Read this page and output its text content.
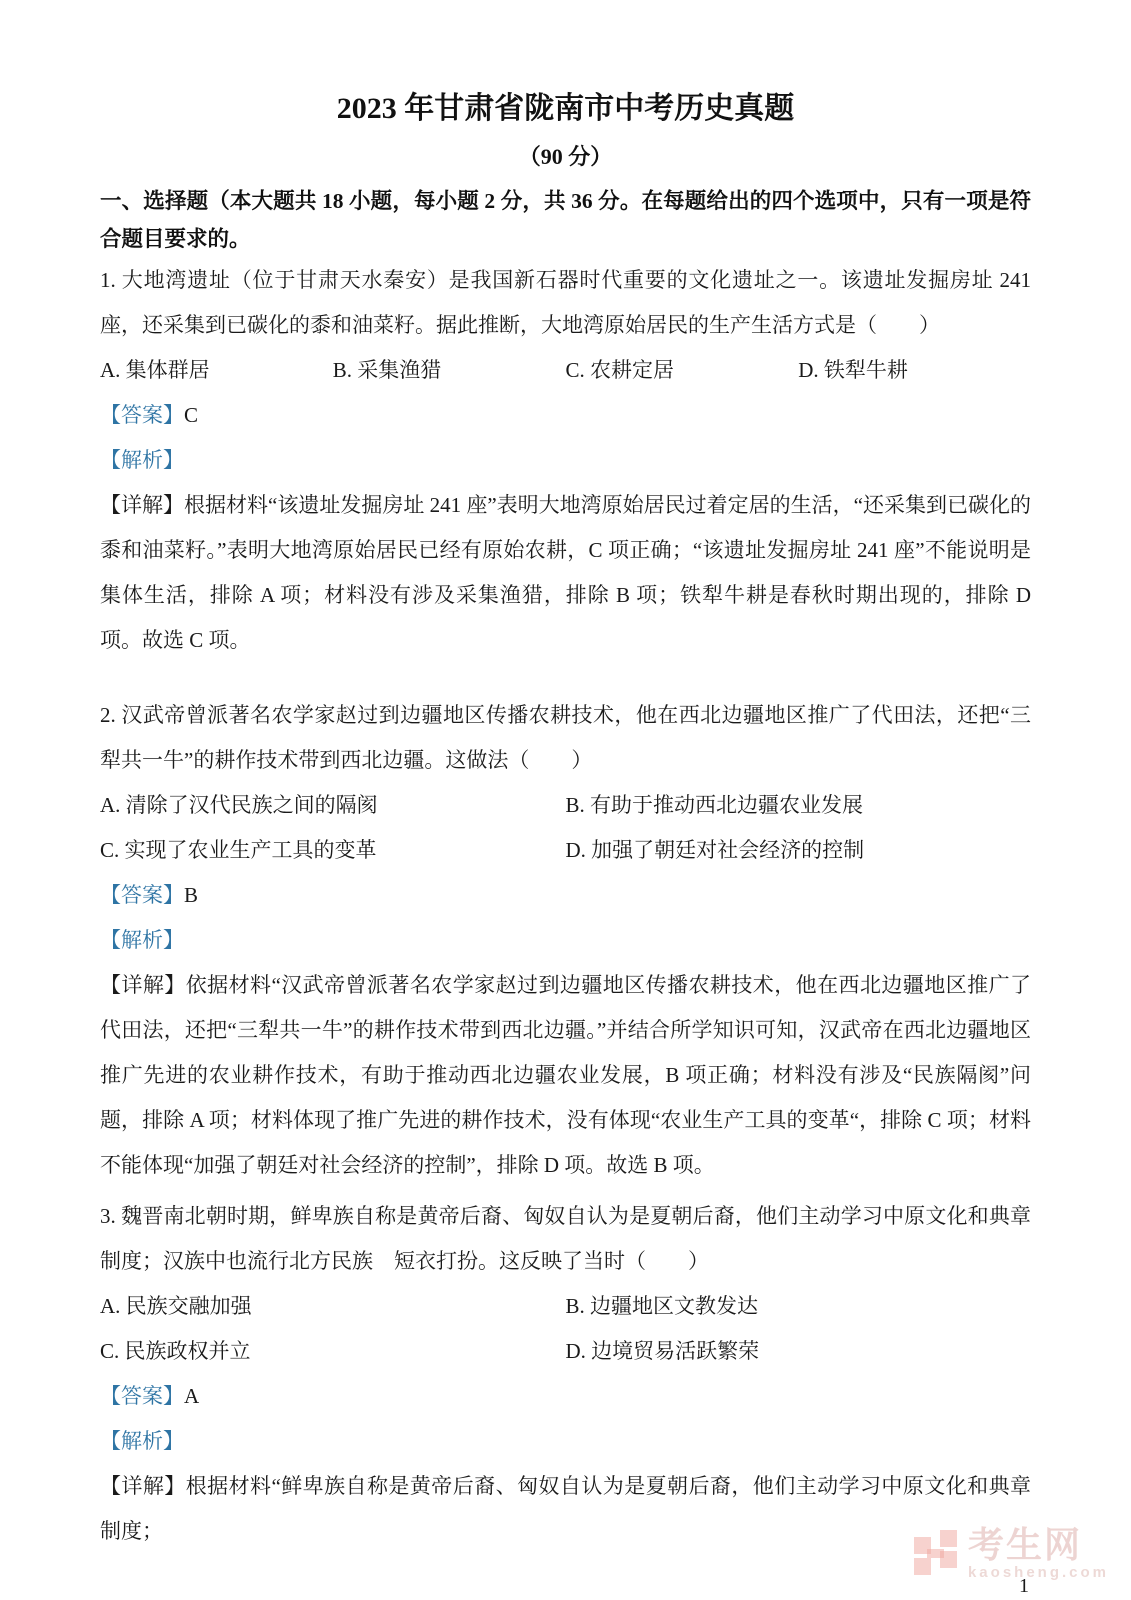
2023 年甘肃省陇南市中考历史真题
（90 分）

一、选择题（本大题共 18 小题，每小题 2 分，共 36 分。在每题给出的四个选项中，只有一项是符合题目要求的。

1. 大地湾遗址（位于甘肃天水秦安）是我国新石器时代重要的文化遗址之一。该遗址发掘房址 241 座，还采集到已碳化的黍和油菜籽。据此推断，大地湾原始居民的生产生活方式是（　　）

A. 集体群居	B. 采集渔猎	C. 农耕定居	D. 铁犁牛耕

【答案】C

【解析】

【详解】根据材料“该遗址发掘房址 241 座”表明大地湾原始居民过着定居的生活，“还采集到已碳化的黍和油菜籽。”表明大地湾原始居民已经有原始农耕，C 项正确；“该遗址发掘房址 241 座”不能说明是集体生活，排除 A 项；材料没有涉及采集渔猎，排除 B 项；铁犁牛耕是春秋时期出现的，排除 D 项。故选 C 项。

2. 汉武帝曾派著名农学家赵过到边疆地区传播农耕技术，他在西北边疆地区推广了代田法，还把“三犁共一牛”的耕作技术带到西北边疆。这做法（　　）

A. 清除了汉代民族之间的隔阂	B. 有助于推动西北边疆农业发展
C. 实现了农业生产工具的变革	D. 加强了朝廷对社会经济的控制

【答案】B

【解析】

【详解】依据材料“汉武帝曾派著名农学家赵过到边疆地区传播农耕技术，他在西北边疆地区推广了代田法，还把“三犁共一牛”的耕作技术带到西北边疆。”并结合所学知识可知，汉武帝在西北边疆地区推广先进的农业耕作技术，有助于推动西北边疆农业发展，B 项正确；材料没有涉及“民族隔阂”问题，排除 A 项；材料体现了推广先进的耕作技术，没有体现“农业生产工具的变革“，排除 C 项；材料不能体现“加强了朝廷对社会经济的控制”，排除 D 项。故选 B 项。

3. 魏晋南北朝时期，鲜卑族自称是黄帝后裔、匈奴自认为是夏朝后裔，他们主动学习中原文化和典章制度；汉族中也流行北方民族　短衣打扮。这反映了当时（　　）

A. 民族交融加强	B. 边疆地区文教发达
C. 民族政权并立	D. 边境贸易活跃繁荣

【答案】A

【解析】

【详解】根据材料“鲜卑族自称是黄帝后裔、匈奴自认为是夏朝后裔，他们主动学习中原文化和典章制度；	考生网
kaosheng.com
1
